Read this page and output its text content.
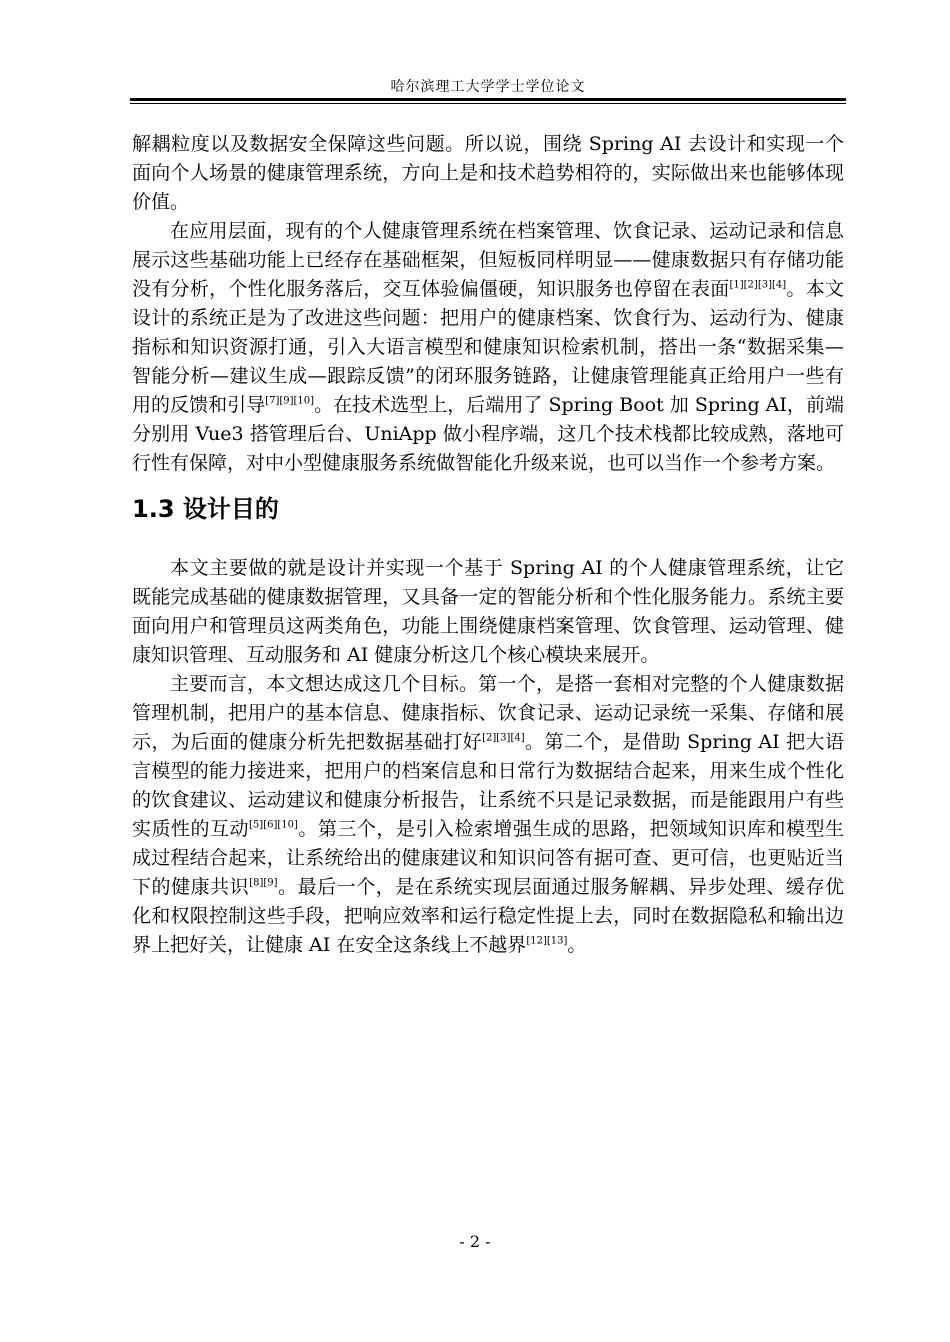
哈尔滨理工大学学士学位论文

解耦粒度以及数据安全保障这些问题。所以说，围绕 Spring AI 去设计和实现一个面向个人场景的健康管理系统，方向上是和技术趋势相符的，实际做出来也能够体现价值。

在应用层面，现有的个人健康管理系统在档案管理、饮食记录、运动记录和信息展示这些基础功能上已经存在基础框架，但短板同样明显——健康数据只有存储功能没有分析，个性化服务落后，交互体验偏僵硬，知识服务也停留在表面[1][2][3][4]。本文设计的系统正是为了改进这些问题：把用户的健康档案、饮食行为、运动行为、健康指标和知识资源打通，引入大语言模型和健康知识检索机制，搭出一条“数据采集—智能分析—建议生成—跟踪反馈”的闭环服务链路，让健康管理能真正给用户一些有用的反馈和引导[7][9][10]。在技术选型上，后端用了 Spring Boot 加 Spring AI，前端分别用 Vue3 搭管理后台、UniApp 做小程序端，这几个技术栈都比较成熟，落地可行性有保障，对中小型健康服务系统做智能化升级来说，也可以当作一个参考方案。

1.3 设计目的

本文主要做的就是设计并实现一个基于 Spring AI 的个人健康管理系统，让它既能完成基础的健康数据管理，又具备一定的智能分析和个性化服务能力。系统主要面向用户和管理员这两类角色，功能上围绕健康档案管理、饮食管理、运动管理、健康知识管理、互动服务和 AI 健康分析这几个核心模块来展开。

主要而言，本文想达成这几个目标。第一个，是搭一套相对完整的个人健康数据管理机制，把用户的基本信息、健康指标、饮食记录、运动记录统一采集、存储和展示，为后面的健康分析先把数据基础打好[2][3][4]。第二个，是借助 Spring AI 把大语言模型的能力接进来，把用户的档案信息和日常行为数据结合起来，用来生成个性化的饮食建议、运动建议和健康分析报告，让系统不只是记录数据，而是能跟用户有些实质性的互动[5][6][10]。第三个，是引入检索增强生成的思路，把领域知识库和模型生成过程结合起来，让系统给出的健康建议和知识问答有据可查、更可信，也更贴近当下的健康共识[8][9]。最后一个，是在系统实现层面通过服务解耦、异步处理、缓存优化和权限控制这些手段，把响应效率和运行稳定性提上去，同时在数据隐私和输出边界上把好关，让健康 AI 在安全这条线上不越界[12][13]。

- 2 -
